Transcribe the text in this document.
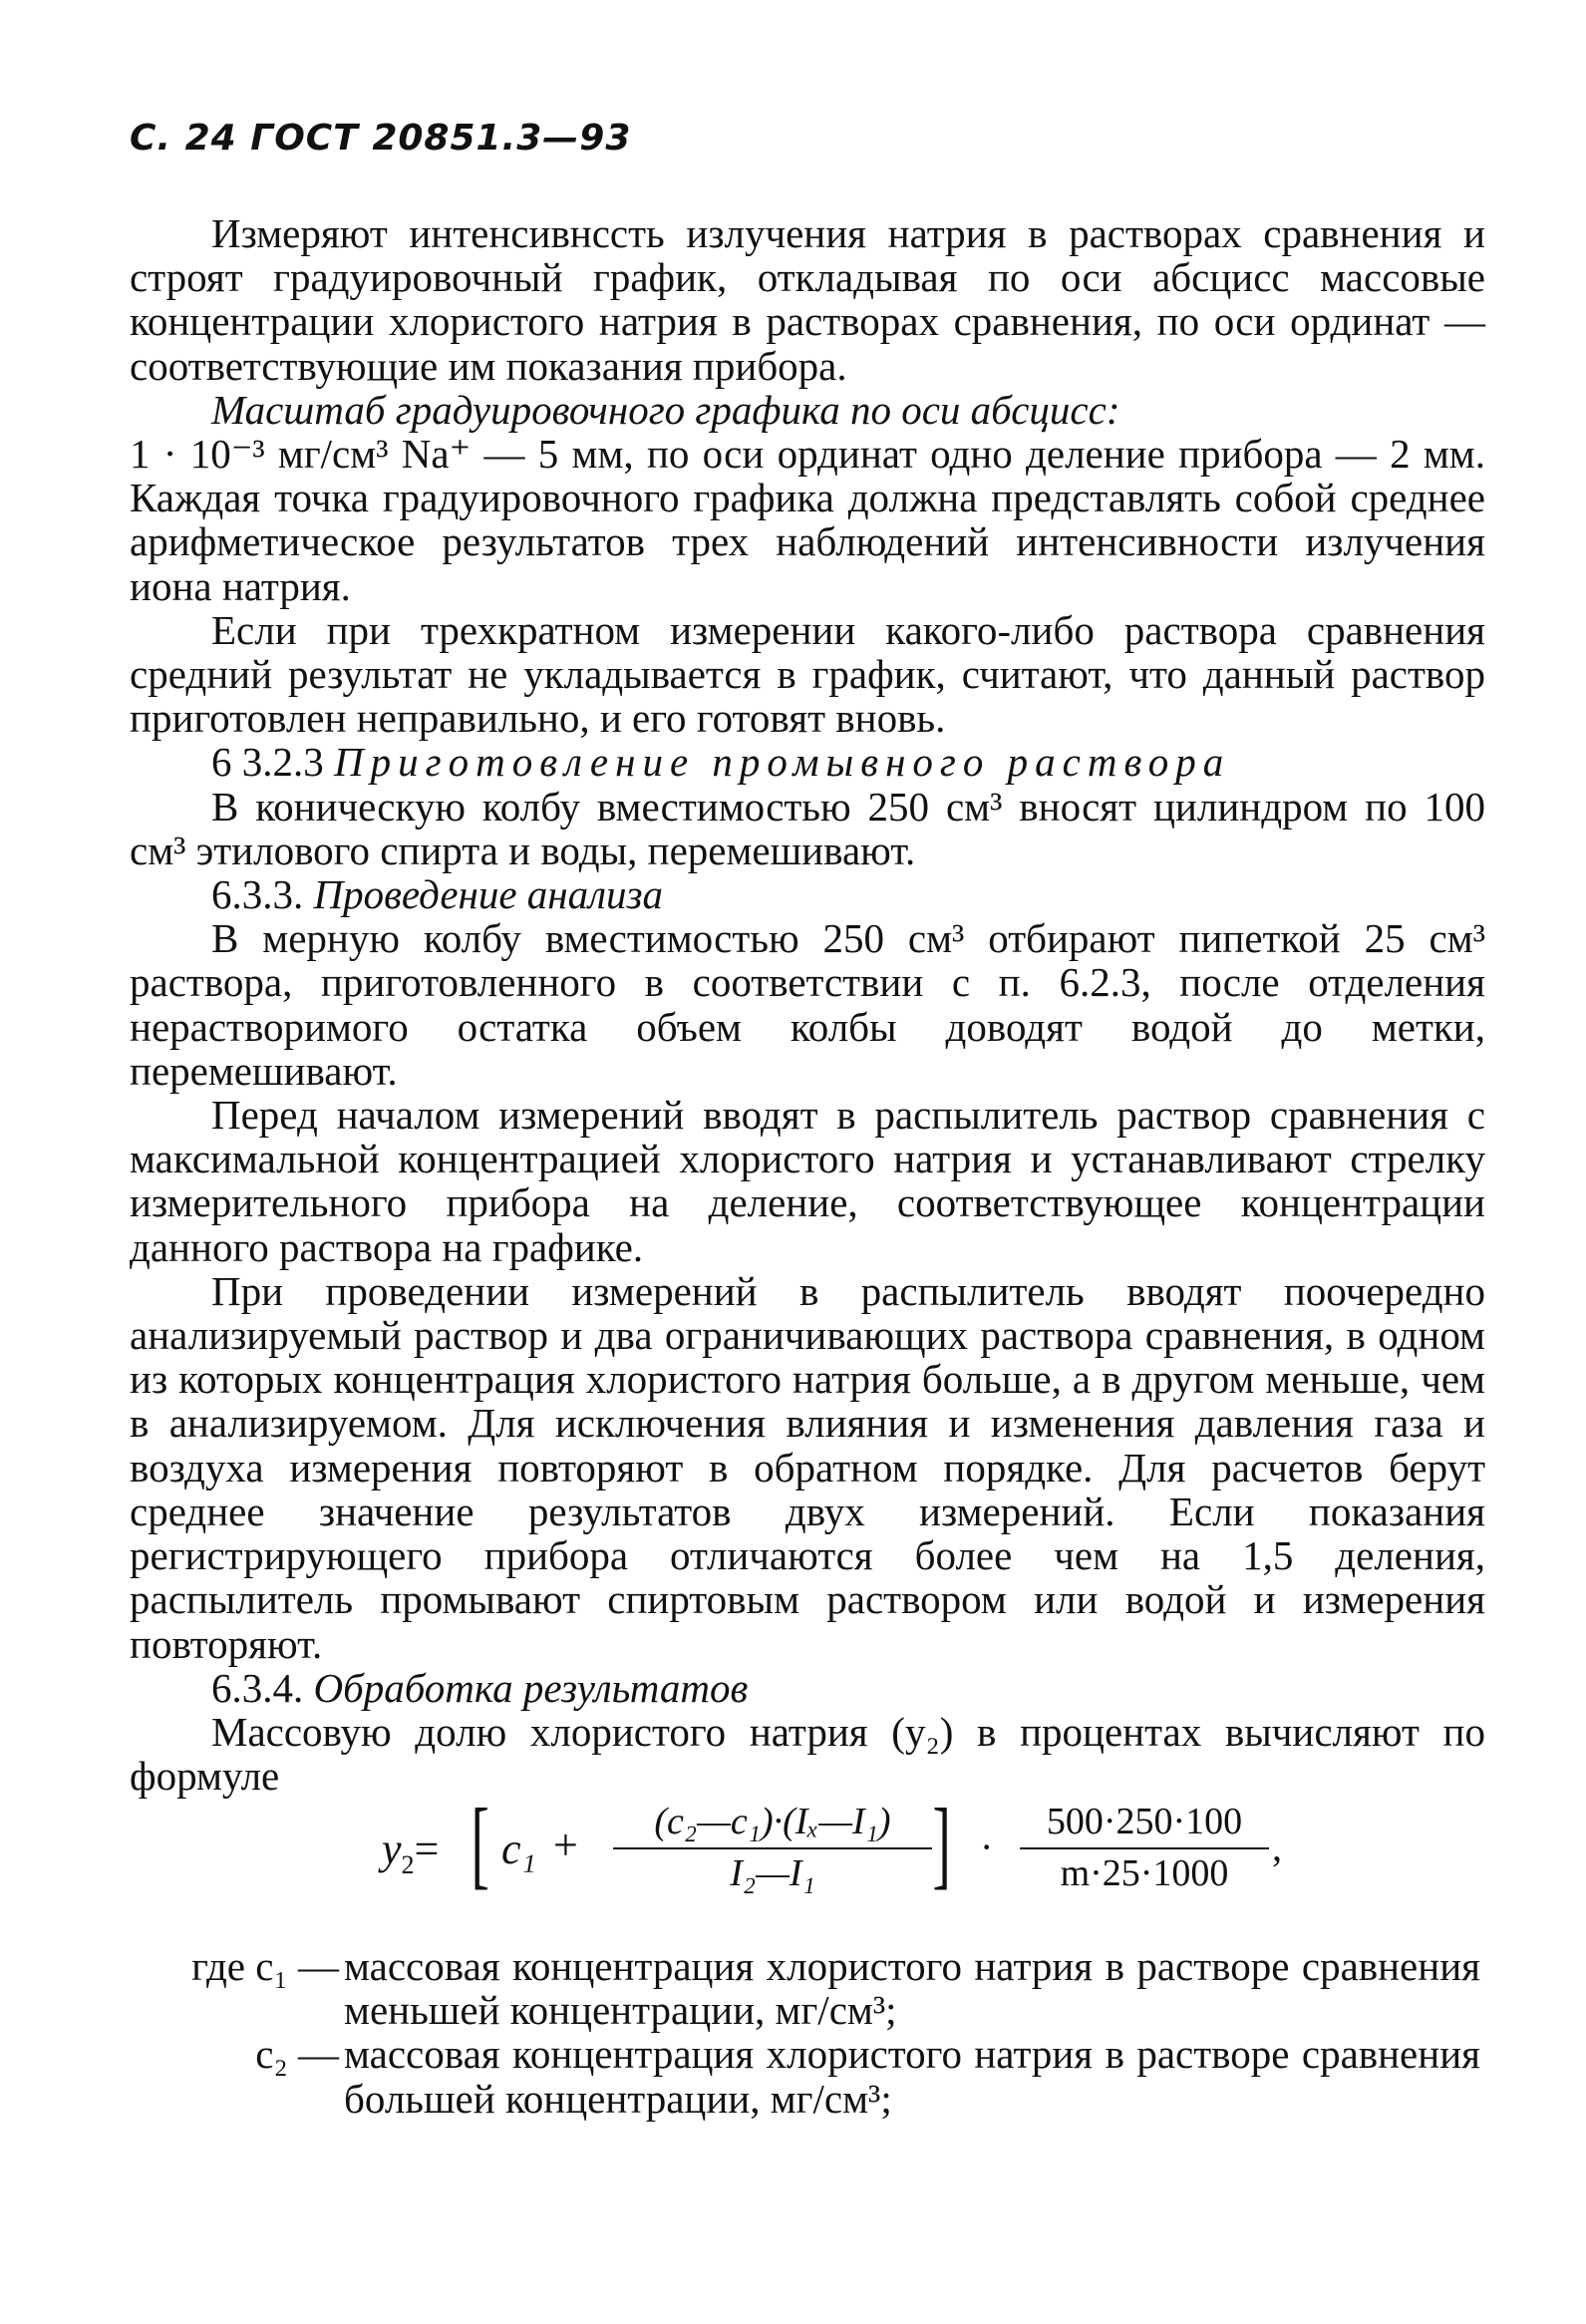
С. 24 ГОСТ 20851.3—93

Измеряют интенсивнсcть излучения натрия в растворах сравнения и строят градуировочный график, откладывая по оси абсцисс массовые концентрации хлористого натрия в растворах сравнения, по оси ординат — соответствующие им показания прибора.

Масштаб градуировочного графика по оси абсцисс:

1 · 10⁻³ мг/см³ Na⁺ — 5 мм, по оси ординат одно деление прибора — 2 мм. Каждая точка градуировочного графика должна представлять собой среднее арифметическое результатов трех наблюдений интенсивности излучения иона натрия.

Если при трехкратном измерении какого-либо раствора сравнения средний результат не укладывается в график, считают, что данный раствор приготовлен неправильно, и его готовят вновь.

6 3.2.3 Приготовление промывного раствора

В коническую колбу вместимостью 250 см³ вносят цилиндром по 100 см³ этилового спирта и воды, перемешивают.

6.3.3. Проведение анализа

В мерную колбу вместимостью 250 см³ отбирают пипеткой 25 см³ раствора, приготовленного в соответствии с п. 6.2.3, после отделения нерастворимого остатка объем колбы доводят водой до метки, перемешивают.

Перед началом измерений вводят в распылитель раствор сравнения с максимальной концентрацией хлористого натрия и устанавливают стрелку измерительного прибора на деление, соответствующее концентрации данного раствора на графике.

При проведении измерений в распылитель вводят поочередно анализируемый раствор и два ограничивающих раствора сравнения, в одном из которых концентрация хлористого натрия больше, а в другом меньше, чем в анализируемом. Для исключения влияния и изменения давления газа и воздуха измерения повторяют в обратном порядке. Для расчетов берут среднее значение результатов двух измерений. Если показания регистрирующего прибора отличаются более чем на 1,5 деления, распылитель промывают спиртовым раствором или водой и измерения повторяют.

6.3.4. Обработка результатов

Массовую долю хлористого натрия (y₂) в процентах вычисляют по формуле

$y_2=$ [ c₁ +	(c₂—c₁)·(Iₓ—I₁)
I₂—I₁	] ·
500·250·100
m·25·1000
,
где c₁ — массовая концентрация хлористого натрия в растворе сравнения меньшей концентрации, мг/см³;
c₂ — массовая концентрация хлористого натрия в растворе сравнения большей концентрации, мг/см³;
